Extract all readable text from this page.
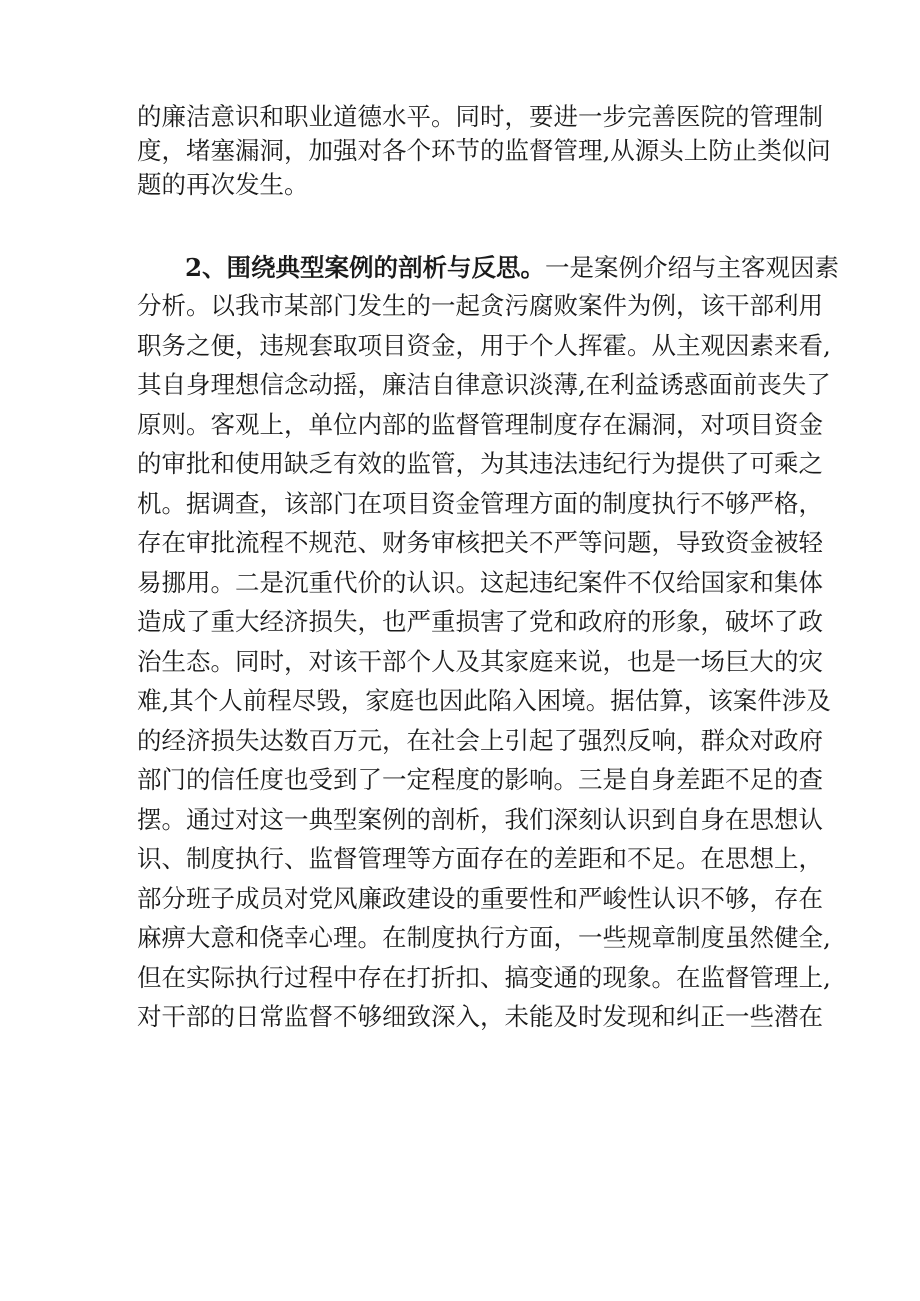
的廉洁意识和职业道德水平。同时，要进一步完善医院的管理制
度，堵塞漏洞，加强对各个环节的监督管理,从源头上防止类似问
题的再次发生。
2、围绕典型案例的剖析与反思。一是案例介绍与主客观因素
分析。以我市某部门发生的一起贪污腐败案件为例，该干部利用
职务之便，违规套取项目资金，用于个人挥霍。从主观因素来看,
其自身理想信念动摇，廉洁自律意识淡薄,在利益诱惑面前丧失了
原则。客观上，单位内部的监督管理制度存在漏洞，对项目资金
的审批和使用缺乏有效的监管，为其违法违纪行为提供了可乘之
机。据调查，该部门在项目资金管理方面的制度执行不够严格，
存在审批流程不规范、财务审核把关不严等问题，导致资金被轻
易挪用。二是沉重代价的认识。这起违纪案件不仅给国家和集体
造成了重大经济损失，也严重损害了党和政府的形象，破坏了政
治生态。同时，对该干部个人及其家庭来说，也是一场巨大的灾
难,其个人前程尽毁，家庭也因此陷入困境。据估算，该案件涉及
的经济损失达数百万元，在社会上引起了强烈反响，群众对政府
部门的信任度也受到了一定程度的影响。三是自身差距不足的查
摆。通过对这一典型案例的剖析，我们深刻认识到自身在思想认
识、制度执行、监督管理等方面存在的差距和不足。在思想上，
部分班子成员对党风廉政建设的重要性和严峻性认识不够，存在
麻痹大意和侥幸心理。在制度执行方面，一些规章制度虽然健全,
但在实际执行过程中存在打折扣、搞变通的现象。在监督管理上,
对干部的日常监督不够细致深入，未能及时发现和纠正一些潜在
